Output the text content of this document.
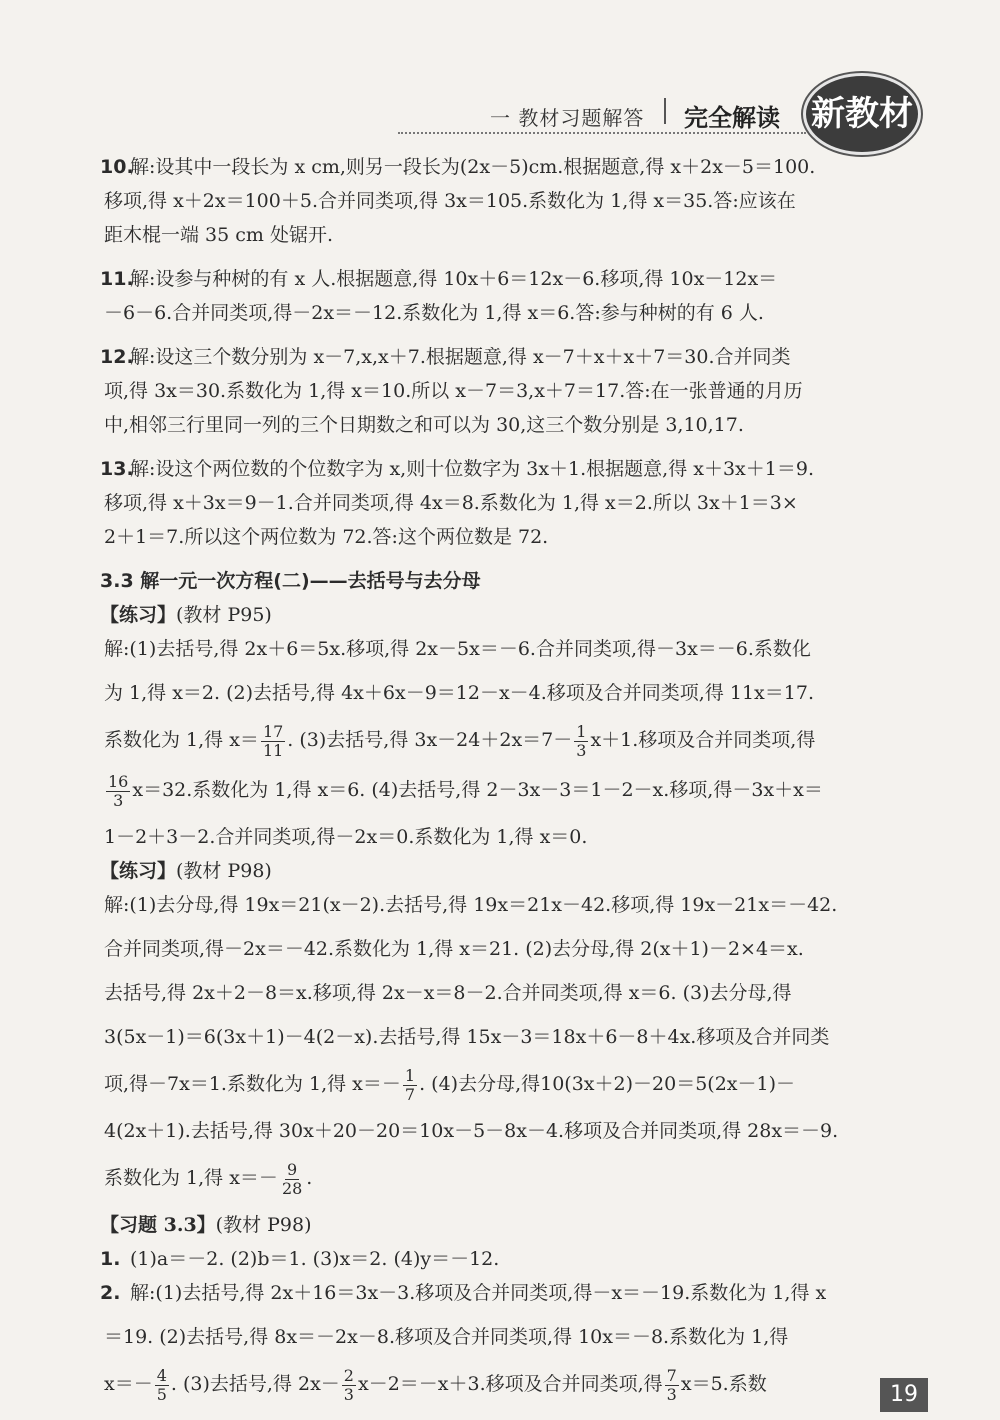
一 教材习题解答 完全解读 新教材
10.解:设其中一段长为 x cm,则另一段长为(2x－5)cm.根据题意,得 x＋2x－5＝100.
移项,得 x＋2x＝100＋5.合并同类项,得 3x＝105.系数化为 1,得 x＝35.答:应该在
距木棍一端 35 cm 处锯开.
11.解:设参与种树的有 x 人.根据题意,得 10x＋6＝12x－6.移项,得 10x－12x＝
－6－6.合并同类项,得－2x＝－12.系数化为 1,得 x＝6.答:参与种树的有 6 人.
12.解:设这三个数分别为 x－7,x,x＋7.根据题意,得 x－7＋x＋x＋7＝30.合并同类
项,得 3x＝30.系数化为 1,得 x＝10.所以 x－7＝3,x＋7＝17.答:在一张普通的月历
中,相邻三行里同一列的三个日期数之和可以为 30,这三个数分别是 3,10,17.
13.解:设这个两位数的个位数字为 x,则十位数字为 3x＋1.根据题意,得 x＋3x＋1＝9.
移项,得 x＋3x＝9－1.合并同类项,得 4x＝8.系数化为 1,得 x＝2.所以 3x＋1＝3×
2＋1＝7.所以这个两位数为 72.答:这个两位数是 72.
3.3 解一元一次方程(二)——去括号与去分母
【练习】(教材 P95)
解:(1)去括号,得 2x＋6＝5x.移项,得 2x－5x＝－6.合并同类项,得－3x＝－6.系数化
为 1,得 x＝2. (2)去括号,得 4x＋6x－9＝12－x－4.移项及合并同类项,得 11x＝17.
系数化为 1,得 $x= \frac{17}{11}$ . (3)去括号,得 $3x-24+2x=7- \frac{1}{3} x+1$.移项及合并同类项,得
$\frac{16}{3} x=32$.系数化为 1,得 x＝6. (4)去括号,得 2－3x－3＝1－2－x.移项,得－3x＋x＝
1－2＋3－2.合并同类项,得－2x＝0.系数化为 1,得 x＝0.
【练习】(教材 P98)
解:(1)去分母,得 19x＝21(x－2).去括号,得 19x＝21x－42.移项,得 19x－21x＝－42.
合并同类项,得－2x＝－42.系数化为 1,得 x＝21. (2)去分母,得 2(x＋1)－2×4＝x.
去括号,得 2x＋2－8＝x.移项,得 2x－x＝8－2.合并同类项,得 x＝6. (3)去分母,得
3(5x－1)＝6(3x＋1)－4(2－x).去括号,得 15x－3＝18x＋6－8＋4x.移项及合并同类
项,得－7x＝1.系数化为 1,得 $x=- \frac{1}{7}$ . (4)去分母,得10(3x＋2)－20＝5(2x－1)－
4(2x＋1).去括号,得 30x＋20－20＝10x－5－8x－4.移项及合并同类项,得 28x＝－9.
系数化为 1,得 $x=- \frac{9}{28}$ .
【习题 3.3】(教材 P98)
1. (1)a＝－2. (2)b＝1. (3)x＝2. (4)y＝－12.
2. 解:(1)去括号,得 2x＋16＝3x－3.移项及合并同类项,得－x＝－19.系数化为 1,得 x
＝19. (2)去括号,得 8x＝－2x－8.移项及合并同类项,得 10x＝－8.系数化为 1,得
$x=- \frac{4}{5}$ . (3)去括号,得 $2x- \frac{2}{3} x-2=-x+3$.移项及合并同类项,得 $\frac{7}{3} x=5$.系数	19
